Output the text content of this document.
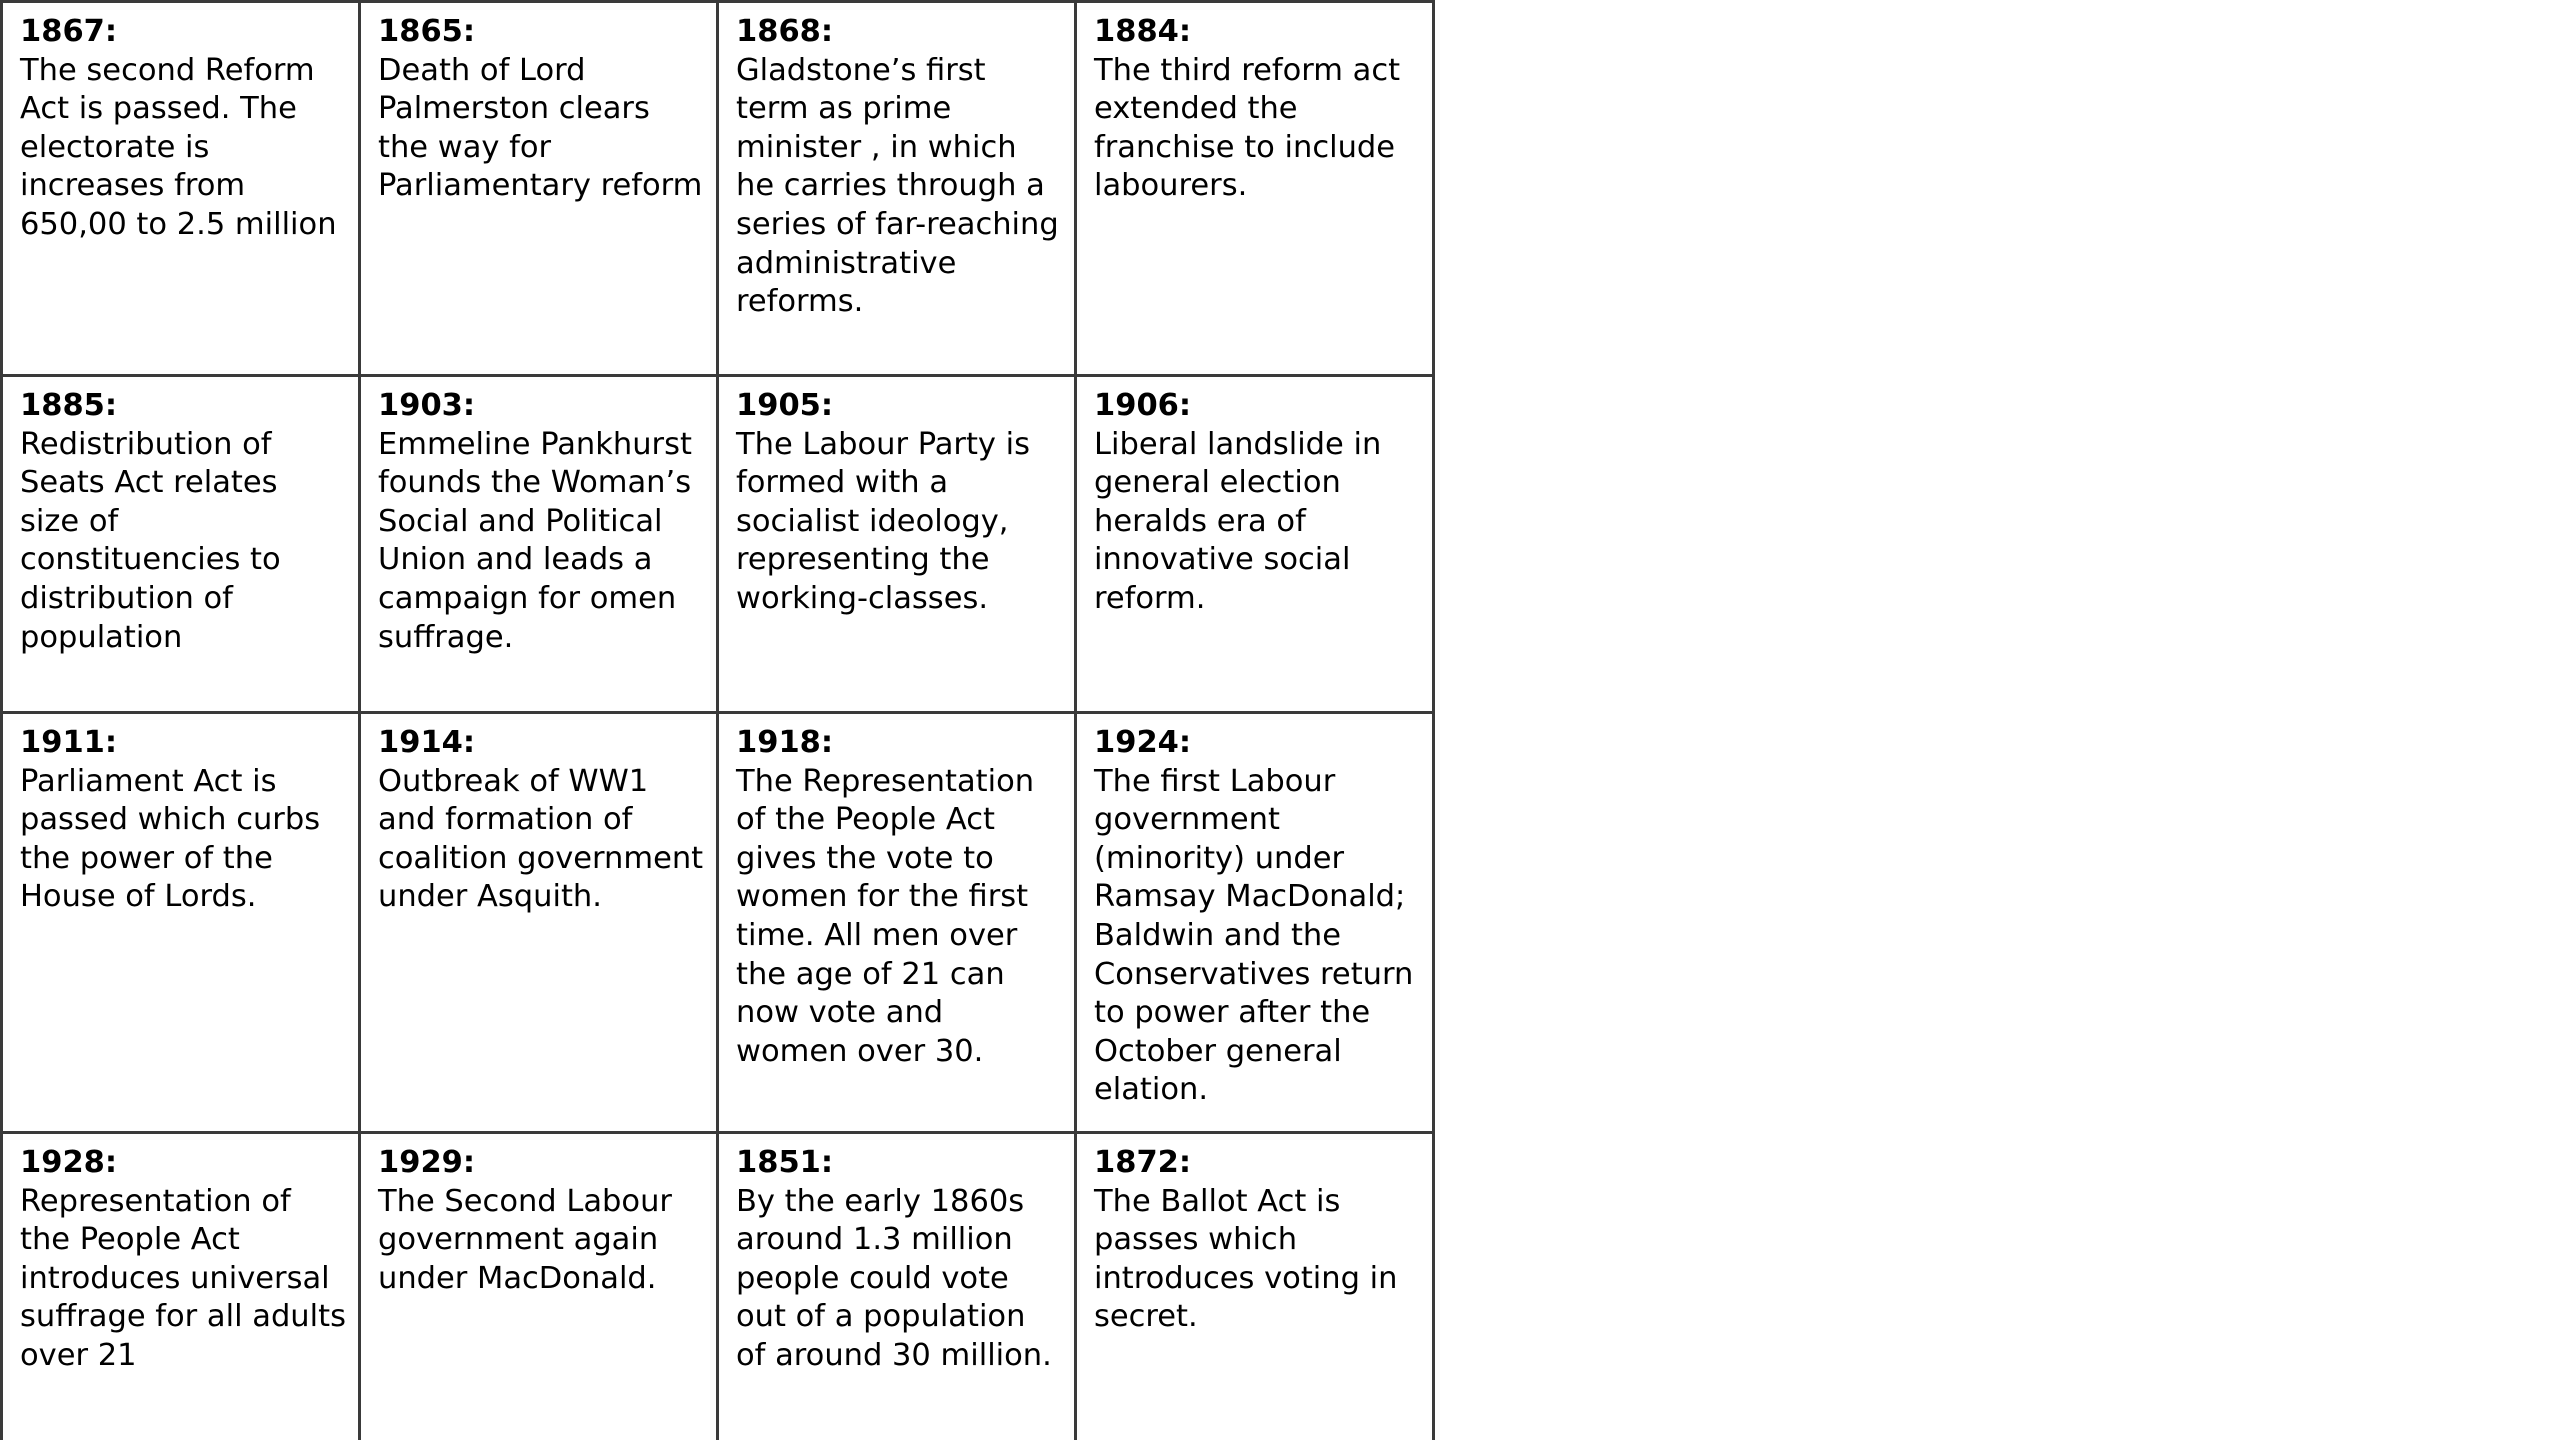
1867:
The second Reform Act is passed. The electorate is increases from 650,00 to 2.5 million	1865:
Death of Lord Palmerston clears the way for Parliamentary reform	1868:
Gladstone’s first term as prime minister , in which he carries through a series of far-reaching administrative reforms.	1884:
The third reform act extended the franchise to include labourers.

1885:
Redistribution of Seats Act relates size of constituencies to distribution of population	1903:
Emmeline Pankhurst founds the Woman’s Social and Political Union and leads a campaign for omen suffrage.	1905:
The Labour Party is formed with a socialist ideology, representing the working-classes.	1906:
Liberal landslide in general election heralds era of innovative social reform.

1911:
Parliament Act is passed which curbs the power of the House of Lords.	1914:
Outbreak of WW1 and formation of coalition government under Asquith.	1918:
The Representation of the People Act gives the vote to women for the first time. All men over the age of 21 can now vote and women over 30.	1924:
The first Labour government (minority) under Ramsay MacDonald; Baldwin and the Conservatives return to power after the October general elation.

1928:
Representation of the People Act introduces universal suffrage for all adults over 21	1929:
The Second Labour government again under MacDonald.	1851:
By the early 1860s around 1.3 million people could vote out of a population of around 30 million.	1872:
The Ballot Act is passes which introduces voting in secret.
